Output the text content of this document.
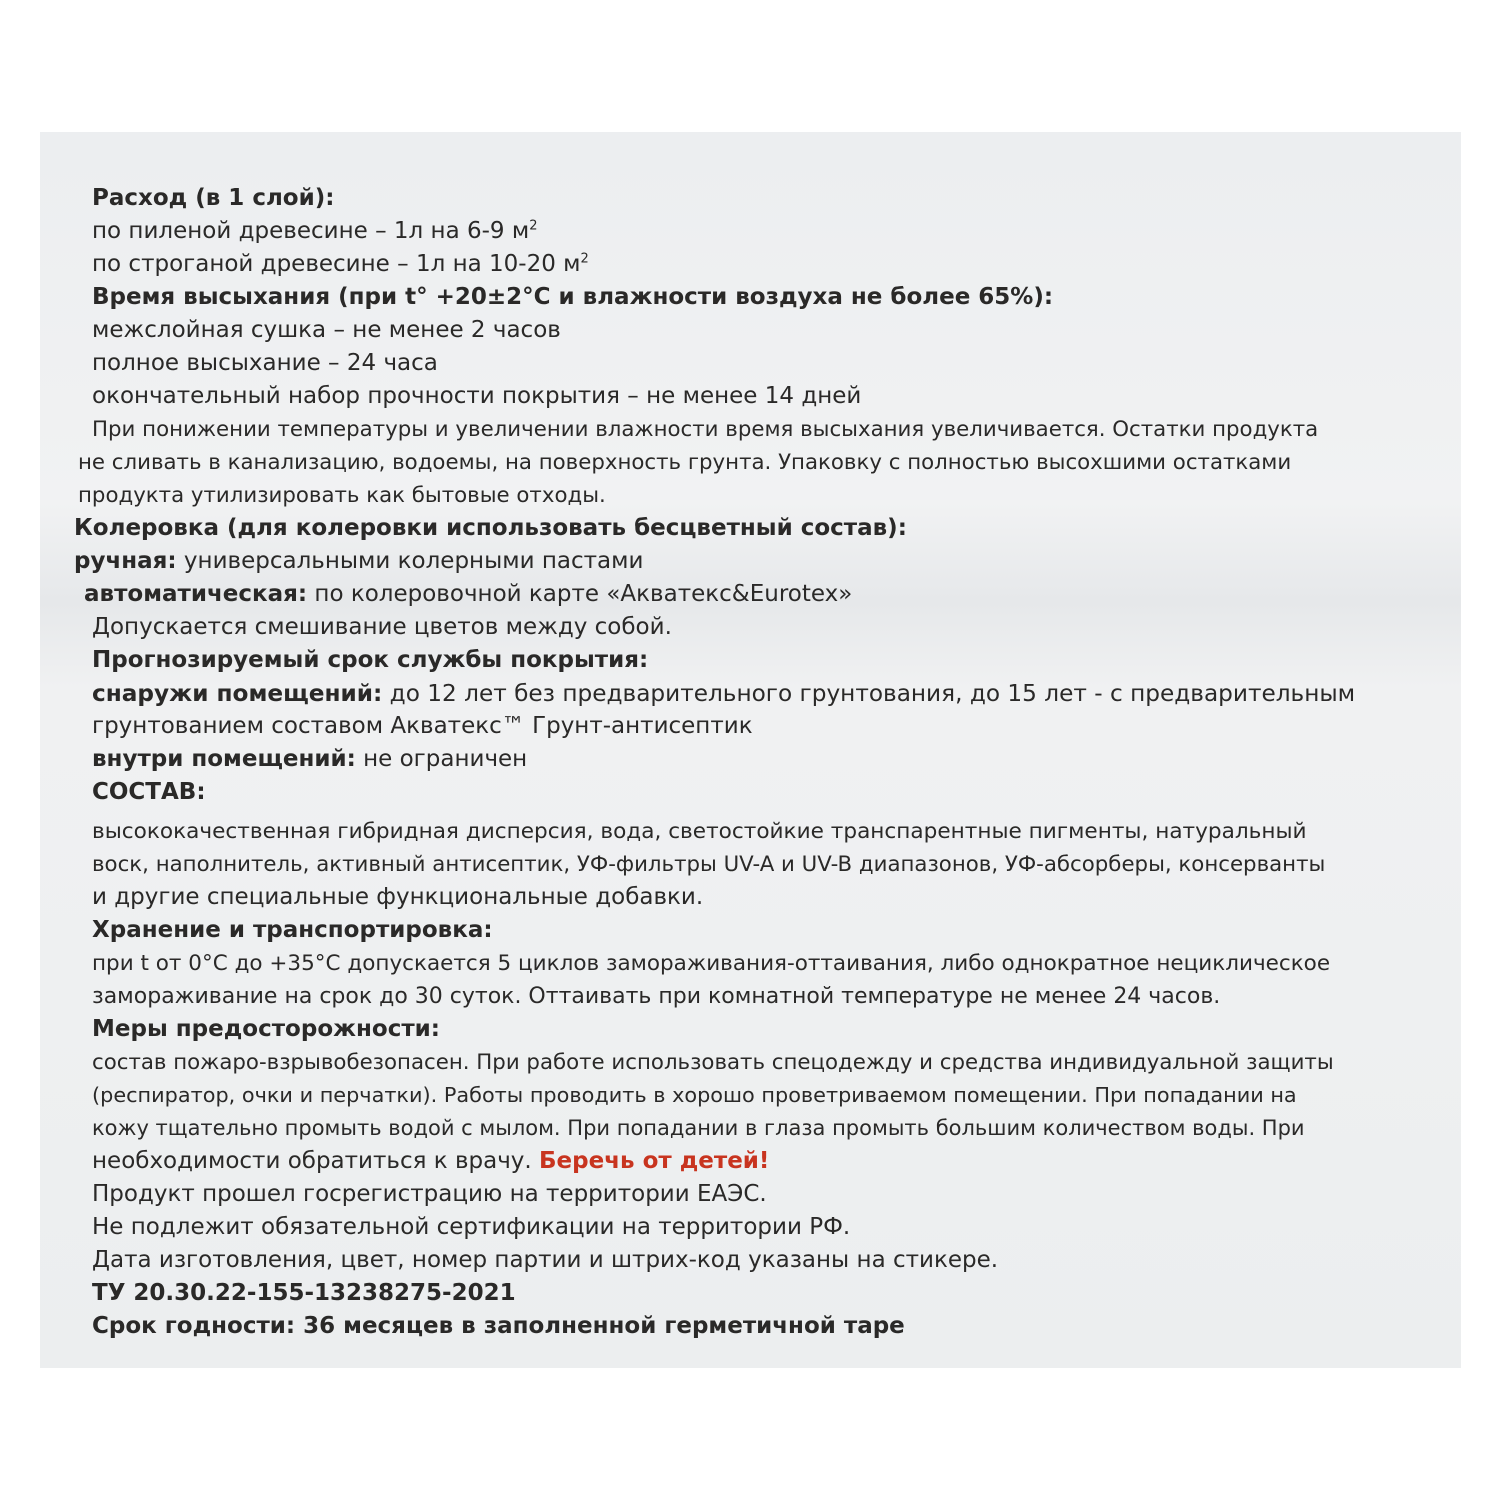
Расход (в 1 слой):
по пиленой древесине – 1л на 6-9 $м^2$
по строганой древесине – 1л на 10-20 $м^2$
Время высыхания (при t° +20±2°С и влажности воздуха не более 65%):
межслойная сушка – не менее 2 часов
полное высыхание – 24 часа
окончательный набор прочности покрытия – не менее 14 дней
При понижении температуры и увеличении влажности время высыхания увеличивается. Остатки продукта
не сливать в канализацию, водоемы, на поверхность грунта. Упаковку с полностью высохшими остатками
продукта утилизировать как бытовые отходы.
Колеровка (для колеровки использовать бесцветный состав):
ручная: универсальными колерными пастами
автоматическая: по колеровочной карте «Акватекс&Eurotex»
Допускается смешивание цветов между собой.
Прогнозируемый срок службы покрытия:
снаружи помещений: до 12 лет без предварительного грунтования, до 15 лет - с предварительным
грунтованием составом Акватекс™ Грунт-антисептик
внутри помещений: не ограничен
СОСТАВ:
высококачественная гибридная дисперсия, вода, светостойкие транспарентные пигменты, натуральный
воск, наполнитель, активный антисептик, УФ-фильтры UV-A и UV-B диапазонов, УФ-абсорберы, консерванты
и другие специальные функциональные добавки.
Хранение и транспортировка:
при t от 0°С до +35°С допускается 5 циклов замораживания-оттаивания, либо однократное нециклическое
замораживание на срок до 30 суток. Оттаивать при комнатной температуре не менее 24 часов.
Меры предосторожности:
состав пожаро-взрывобезопасен. При работе использовать спецодежду и средства индивидуальной защиты
(респиратор, очки и перчатки). Работы проводить в хорошо проветриваемом помещении. При попадании на
кожу тщательно промыть водой с мылом. При попадании в глаза промыть большим количеством воды. При
необходимости обратиться к врачу. Беречь от детей!
Продукт прошел госрегистрацию на территории ЕАЭС.
Не подлежит обязательной сертификации на территории РФ.
Дата изготовления, цвет, номер партии и штрих-код указаны на стикере.
ТУ 20.30.22-155-13238275-2021
Срок годности: 36 месяцев в заполненной герметичной таре
